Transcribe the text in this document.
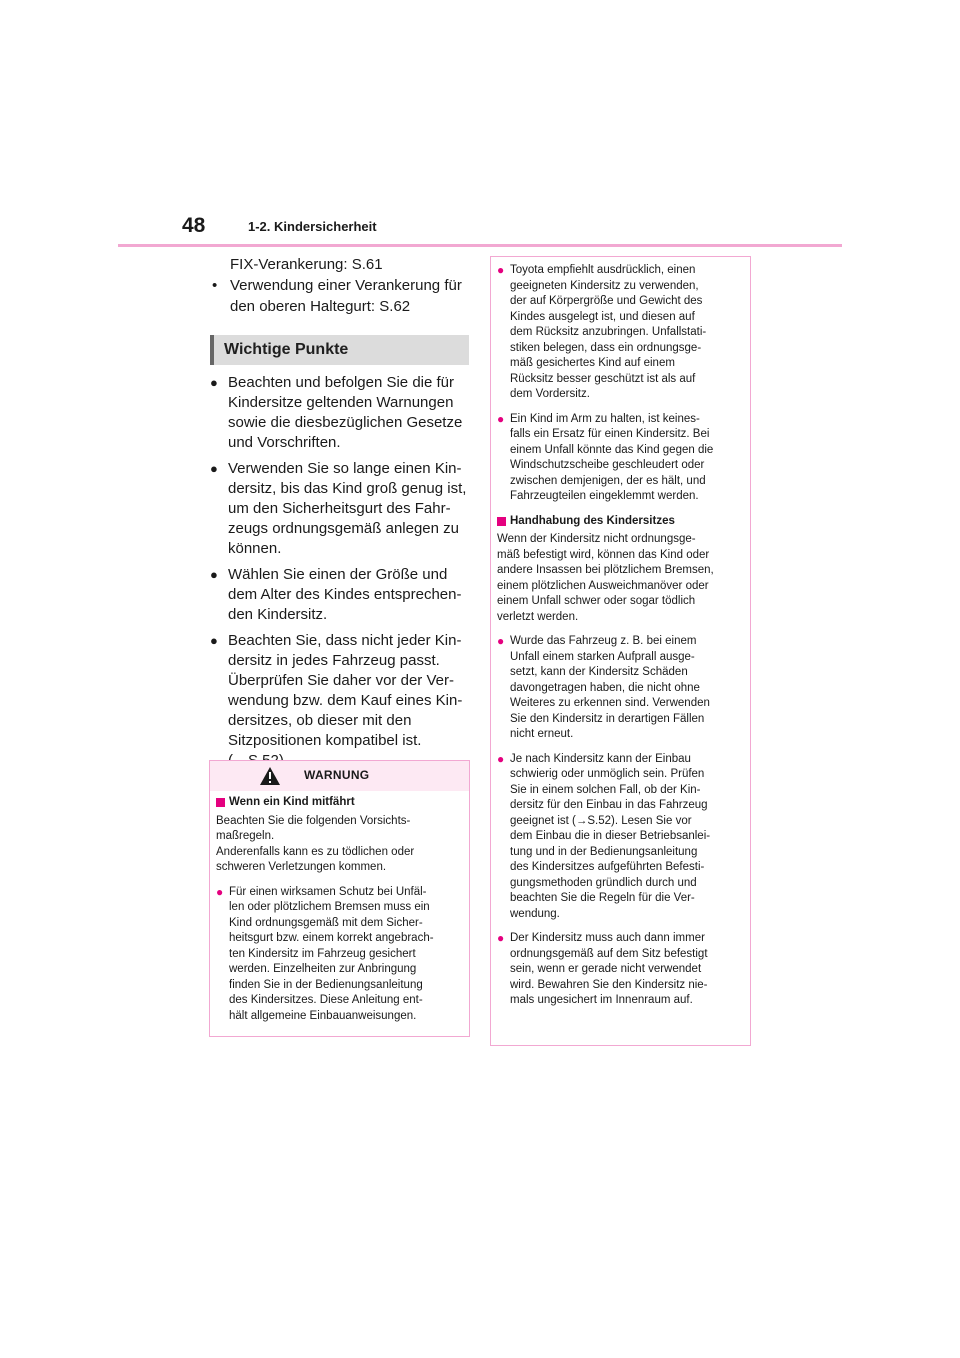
48	1-2. Kindersicherheit
FIX-Verankerung: S.61
• Verwendung einer Verankerung für
den oberen Haltegurt: S.62
Wichtige Punkte
● Beachten und befolgen Sie die für
Kindersitze geltenden Warnungen
sowie die diesbezüglichen Gesetze
und Vorschriften.
● Verwenden Sie so lange einen Kin-
dersitz, bis das Kind groß genug ist,
um den Sicherheitsgurt des Fahr-
zeugs ordnungsgemäß anlegen zu
können.
● Wählen Sie einen der Größe und
dem Alter des Kindes entsprechen-
den Kindersitz.
● Beachten Sie, dass nicht jeder Kin-
dersitz in jedes Fahrzeug passt.
Überprüfen Sie daher vor der Ver-
wendung bzw. dem Kauf eines Kin-
dersitzes, ob dieser mit den
Sitzpositionen kompatibel ist.
WARNUNG
Wenn ein Kind mitfährt
Beachten Sie die folgenden Vorsichts-
maßregeln.
Anderenfalls kann es zu tödlichen oder
schweren Verletzungen kommen.
● Für einen wirksamen Schutz bei Unfäl-
len oder plötzlichem Bremsen muss ein
Kind ordnungsgemäß mit dem Sicher-
heitsgurt bzw. einem korrekt angebrach-
ten Kindersitz im Fahrzeug gesichert
werden. Einzelheiten zur Anbringung
finden Sie in der Bedienungsanleitung
des Kindersitzes. Diese Anleitung ent-
hält allgemeine Einbauanweisungen.
● Toyota empfiehlt ausdrücklich, einen
geeigneten Kindersitz zu verwenden,
der auf Körpergröße und Gewicht des
Kindes ausgelegt ist, und diesen auf
dem Rücksitz anzubringen. Unfallstati-
stiken belegen, dass ein ordnungsge-
mäß gesichertes Kind auf einem
Rücksitz besser geschützt ist als auf
dem Vordersitz.
● Ein Kind im Arm zu halten, ist keines-
falls ein Ersatz für einen Kindersitz. Bei
einem Unfall könnte das Kind gegen die
Windschutzscheibe geschleudert oder
zwischen demjenigen, der es hält, und
Fahrzeugteilen eingeklemmt werden.
Handhabung des Kindersitzes
Wenn der Kindersitz nicht ordnungsge-
mäß befestigt wird, können das Kind oder
andere Insassen bei plötzlichem Bremsen,
einem plötzlichen Ausweichmanöver oder
einem Unfall schwer oder sogar tödlich
verletzt werden.
● Wurde das Fahrzeug z. B. bei einem
Unfall einem starken Aufprall ausge-
setzt, kann der Kindersitz Schäden
davongetragen haben, die nicht ohne
Weiteres zu erkennen sind. Verwenden
Sie den Kindersitz in derartigen Fällen
nicht erneut.
● Je nach Kindersitz kann der Einbau
schwierig oder unmöglich sein. Prüfen
Sie in einem solchen Fall, ob der Kin-
dersitz für den Einbau in das Fahrzeug
geeignet ist (→S.52). Lesen Sie vor
dem Einbau die in dieser Betriebsanlei-
tung und in der Bedienungsanleitung
des Kindersitzes aufgeführten Befesti-
gungsmethoden gründlich durch und
beachten Sie die Regeln für die Ver-
wendung.
● Der Kindersitz muss auch dann immer
ordnungsgemäß auf dem Sitz befestigt
sein, wenn er gerade nicht verwendet
wird. Bewahren Sie den Kindersitz nie-
mals ungesichert im Innenraum auf.
